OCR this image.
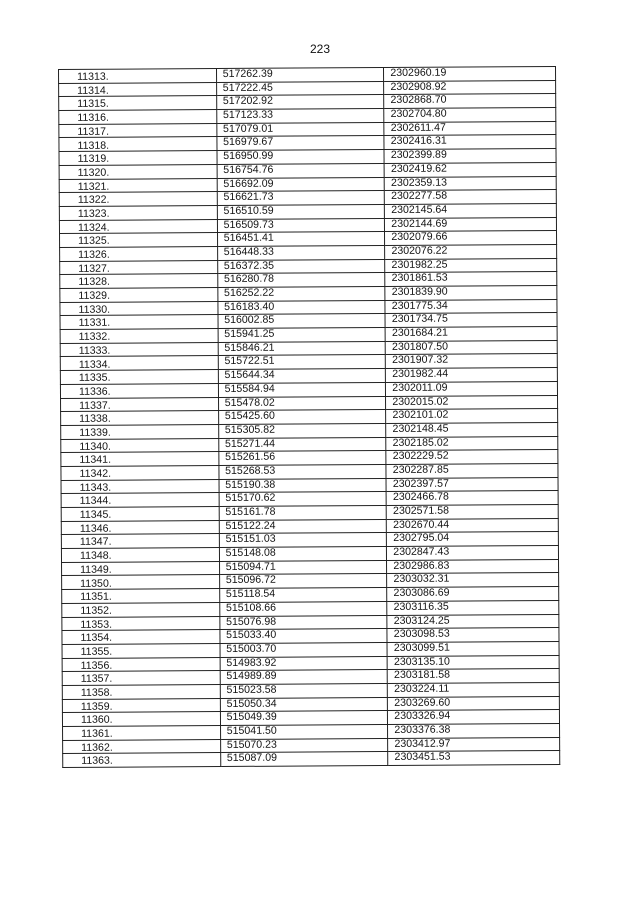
223
11313.	517262.39	2302960.19
11314.	517222.45	2302908.92
11315.	517202.92	2302868.70
11316.	517123.33	2302704.80
11317.	517079.01	2302611.47
11318.	516979.67	2302416.31
11319.	516950.99	2302399.89
11320.	516754.76	2302419.62
11321.	516692.09	2302359.13
11322.	516621.73	2302277.58
11323.	516510.59	2302145.64
11324.	516509.73	2302144.69
11325.	516451.41	2302079.66
11326.	516448.33	2302076.22
11327.	516372.35	2301982.25
11328.	516280.78	2301861.53
11329.	516252.22	2301839.90
11330.	516183.40	2301775.34
11331.	516002.85	2301734.75
11332.	515941.25	2301684.21
11333.	515846.21	2301807.50
11334.	515722.51	2301907.32
11335.	515644.34	2301982.44
11336.	515584.94	2302011.09
11337.	515478.02	2302015.02
11338.	515425.60	2302101.02
11339.	515305.82	2302148.45
11340.	515271.44	2302185.02
11341.	515261.56	2302229.52
11342.	515268.53	2302287.85
11343.	515190.38	2302397.57
11344.	515170.62	2302466.78
11345.	515161.78	2302571.58
11346.	515122.24	2302670.44
11347.	515151.03	2302795.04
11348.	515148.08	2302847.43
11349.	515094.71	2302986.83
11350.	515096.72	2303032.31
11351.	515118.54	2303086.69
11352.	515108.66	2303116.35
11353.	515076.98	2303124.25
11354.	515033.40	2303098.53
11355.	515003.70	2303099.51
11356.	514983.92	2303135.10
11357.	514989.89	2303181.58
11358.	515023.58	2303224.11
11359.	515050.34	2303269.60
11360.	515049.39	2303326.94
11361.	515041.50	2303376.38
11362.	515070.23	2303412.97
11363.	515087.09	2303451.53
